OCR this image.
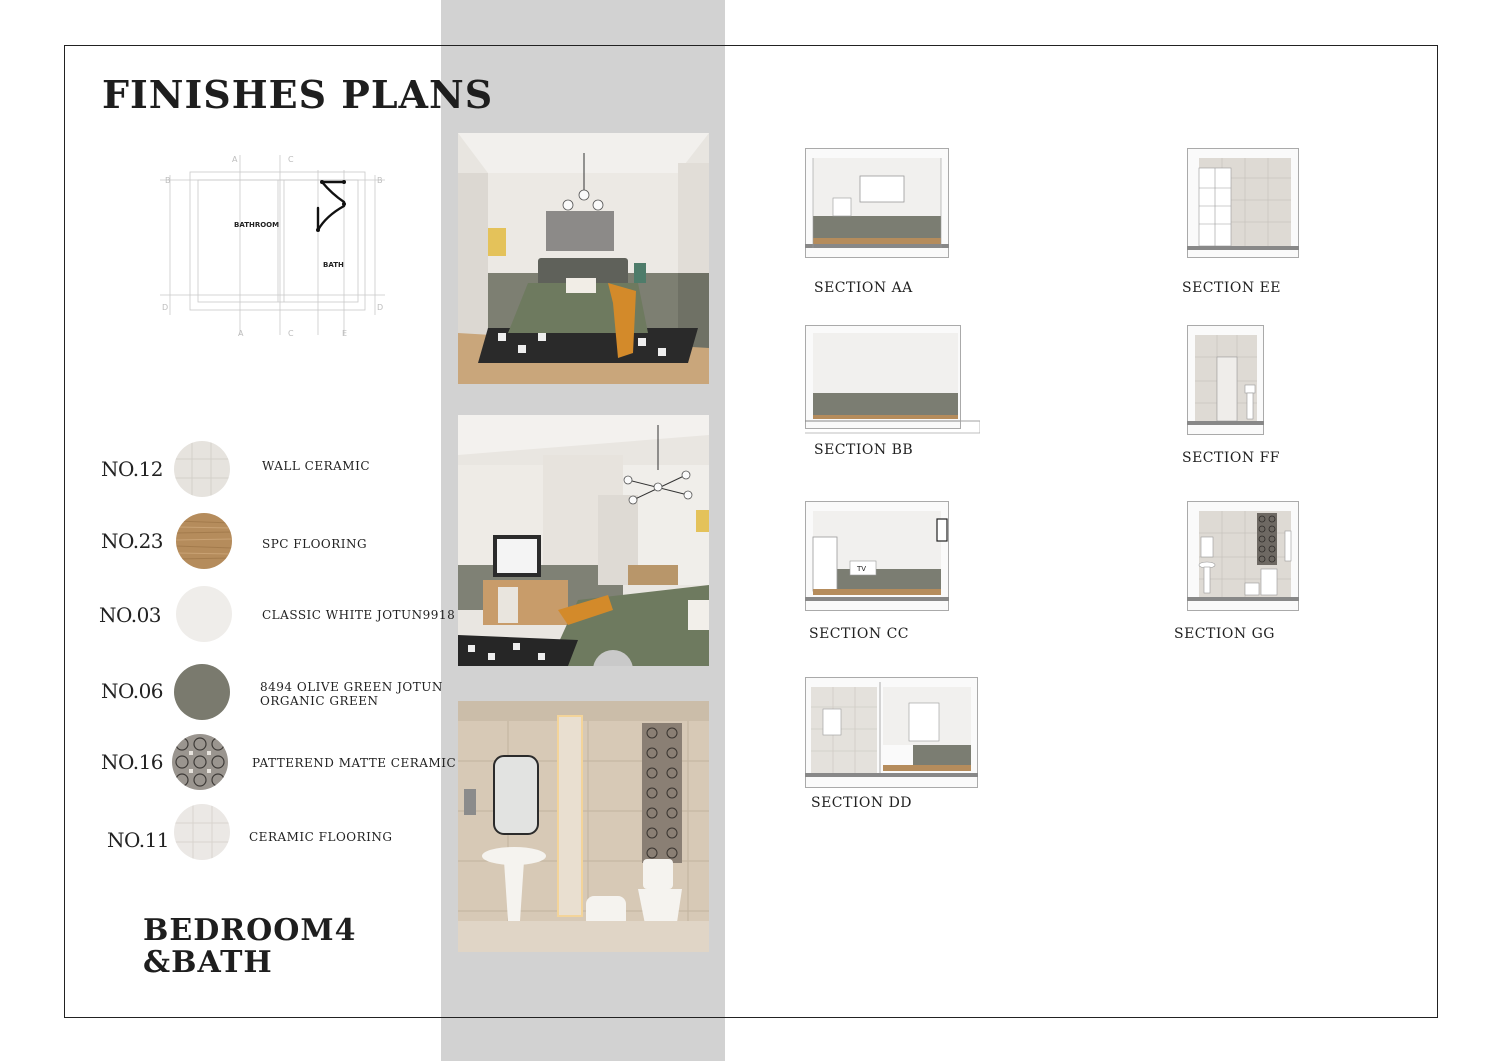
FINISHES PLANS
BATHROOM
BATH
A	C
B	B
D	D
A	C	E
NO.12	WALL CERAMIC
NO.23	SPC FLOORING
NO.03	CLASSIC WHITE JOTUN9918
NO.06	8494 OLIVE GREEN JOTUN
ORGANIC GREEN
NO.16	PATTEREND MATTE CERAMIC
NO.11	CERAMIC FLOORING
BEDROOM4
&BATH
SECTION AA
SECTION BB
TV
SECTION CC
SECTION DD
SECTION EE
SECTION FF
SECTION GG
